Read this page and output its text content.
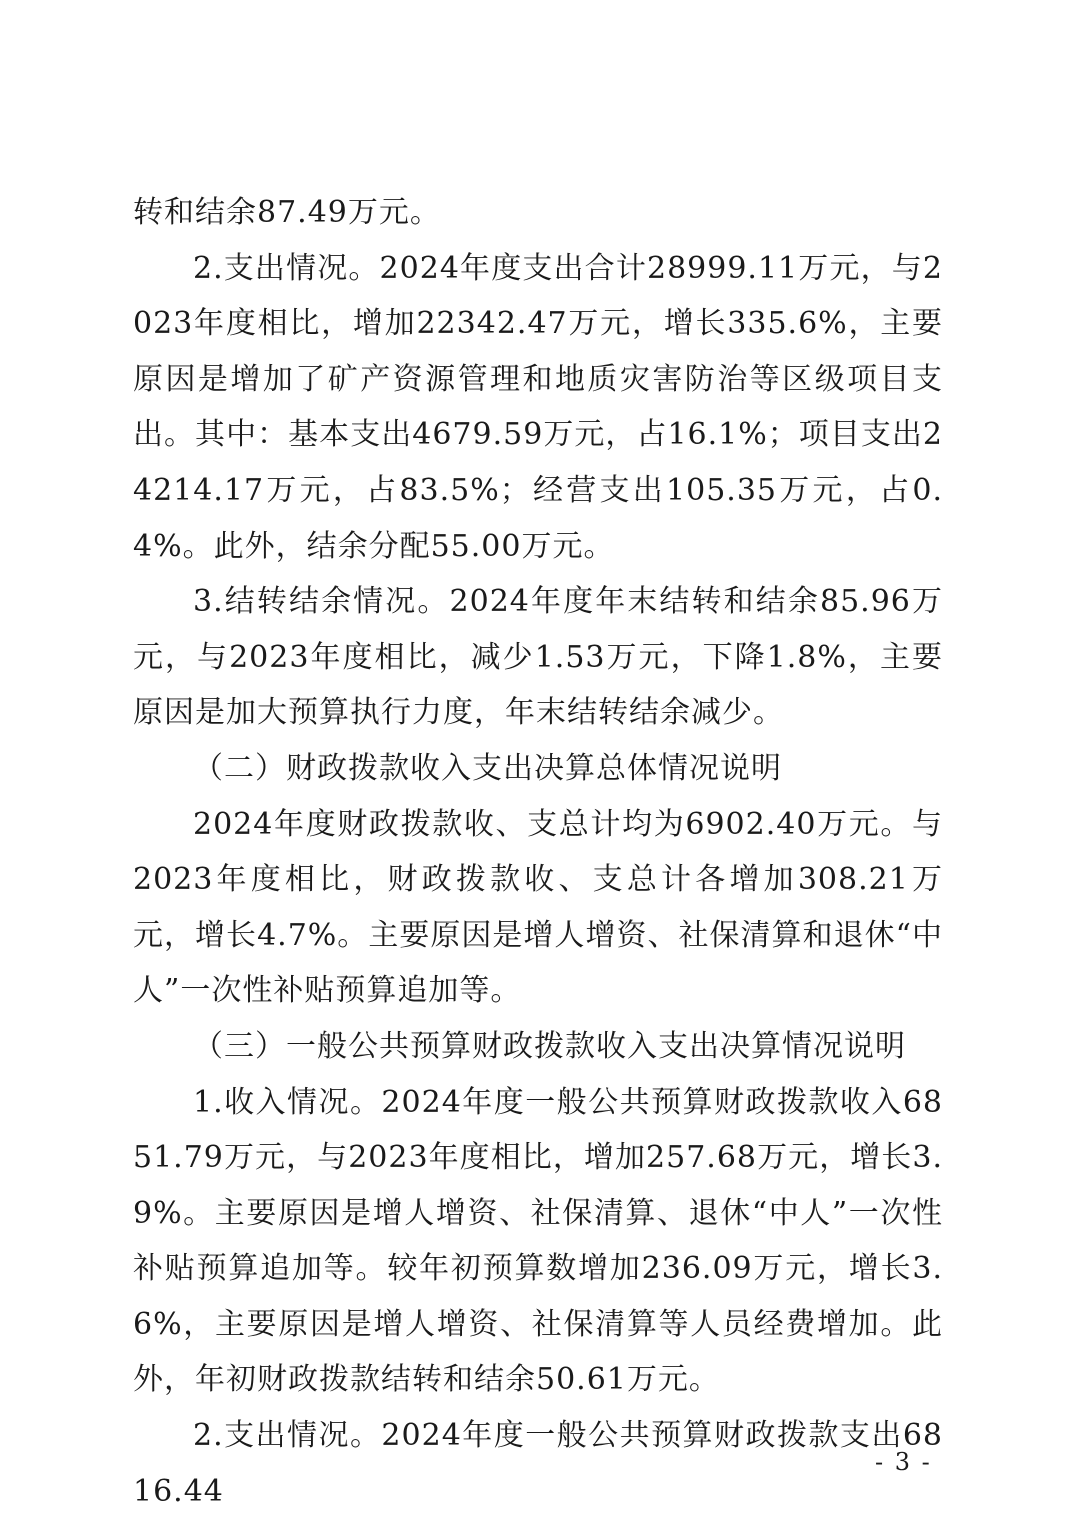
转和结余87.49万元。

2.支出情况。2024年度支出合计28999.11万元，与2023年度相比，增加22342.47万元，增长335.6%，主要原因是增加了矿产资源管理和地质灾害防治等区级项目支出。其中：基本支出4679.59万元，占16.1%；项目支出24214.17万元，占83.5%；经营支出105.35万元，占0.4%。此外，结余分配55.00万元。

3.结转结余情况。2024年度年末结转和结余85.96万元，与2023年度相比，减少1.53万元，下降1.8%，主要原因是加大预算执行力度，年末结转结余减少。

（二）财政拨款收入支出决算总体情况说明

2024年度财政拨款收、支总计均为6902.40万元。与2023年度相比，财政拨款收、支总计各增加308.21万元，增长4.7%。主要原因是增人增资、社保清算和退休“中人”一次性补贴预算追加等。

（三）一般公共预算财政拨款收入支出决算情况说明

1.收入情况。2024年度一般公共预算财政拨款收入6851.79万元，与2023年度相比，增加257.68万元，增长3.9%。主要原因是增人增资、社保清算、退休“中人”一次性补贴预算追加等。较年初预算数增加236.09万元，增长3.6%，主要原因是增人增资、社保清算等人员经费增加。此外，年初财政拨款结转和结余50.61万元。

2.支出情况。2024年度一般公共预算财政拨款支出6816.44

- 3 -
